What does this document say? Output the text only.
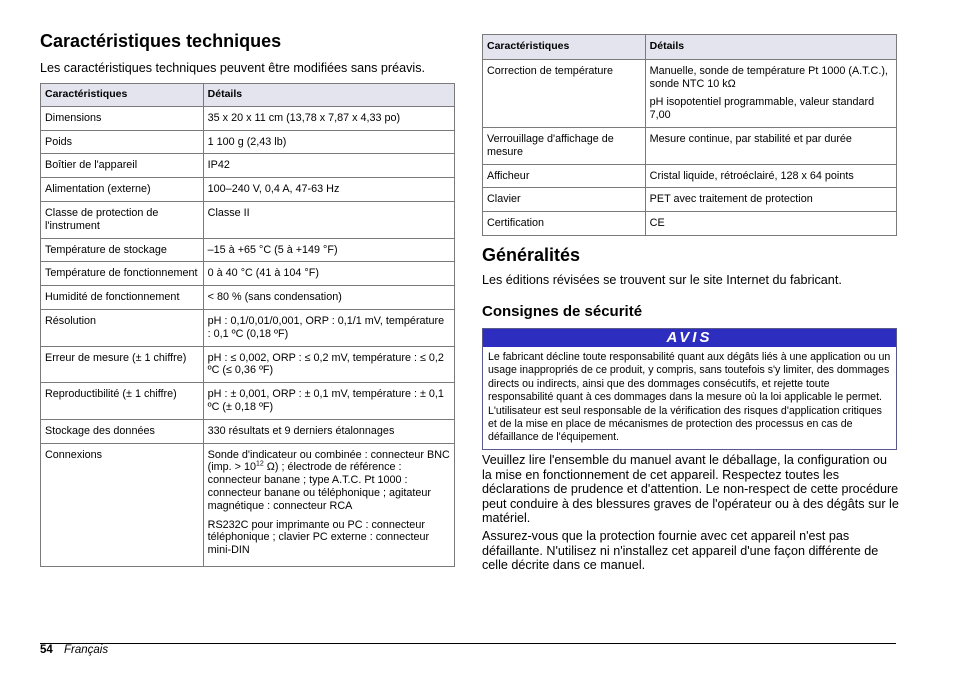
Caractéristiques techniques

Les caractéristiques techniques peuvent être modifiées sans préavis.

Caractéristiques	Détails
Dimensions	35 x 20 x 11 cm (13,78 x 7,87 x 4,33 po)
Poids	1 100 g (2,43 lb)
Boîtier de l'appareil	IP42
Alimentation (externe)	100–240 V, 0,4 A, 47-63 Hz
Classe de protection de l'instrument	Classe II
Température de stockage	–15 à +65 °C (5 à +149 °F)
Température de fonctionnement	0 à 40 °C (41 à 104 °F)
Humidité de fonctionnement	< 80 % (sans condensation)
Résolution	pH : 0,1/0,01/0,001, ORP : 0,1/1 mV, température : 0,1 ºC (0,18 ºF)
Erreur de mesure (± 1 chiffre)	pH : ≤ 0,002, ORP : ≤ 0,2 mV, température : ≤ 0,2 ºC (≤ 0,36 ºF)
Reproductibilité (± 1 chiffre)	pH : ± 0,001, ORP : ± 0,1 mV, température : ± 0,1 ºC (± 0,18 ºF)
Stockage des données	330 résultats et 9 derniers étalonnages
Connexions	Sonde d'indicateur ou combinée : connecteur BNC (imp. > $10^{12}$ Ω) ; électrode de référence : connecteur banane ; type A.T.C. Pt 1000 : connecteur banane ou téléphonique ; agitateur magnétique : connecteur RCA

RS232C pour imprimante ou PC : connecteur téléphonique ; clavier PC externe : connecteur mini-DIN

Caractéristiques	Détails
Correction de température	Manuelle, sonde de température Pt 1000 (A.T.C.), sonde NTC 10 kΩ

pH isopotentiel programmable, valeur standard 7,00

Verrouillage d'affichage de mesure	Mesure continue, par stabilité et par durée
Afficheur	Cristal liquide, rétroéclairé, 128 x 64 points
Clavier	PET avec traitement de protection
Certification	CE
Généralités

Les éditions révisées se trouvent sur le site Internet du fabricant.

Consignes de sécurité
AVIS
Le fabricant décline toute responsabilité quant aux dégâts liés à une application ou un usage inappropriés de ce produit, y compris, sans toutefois s'y limiter, des dommages directs ou indirects, ainsi que des dommages consécutifs, et rejette toute responsabilité quant à ces dommages dans la mesure où la loi applicable le permet. L'utilisateur est seul responsable de la vérification des risques d'application critiques et de la mise en place de mécanismes de protection des processus en cas de défaillance de l'équipement.

Veuillez lire l'ensemble du manuel avant le déballage, la configuration ou la mise en fonctionnement de cet appareil. Respectez toutes les déclarations de prudence et d'attention. Le non-respect de cette procédure peut conduire à des blessures graves de l'opérateur ou à des dégâts sur le matériel.

Assurez-vous que la protection fournie avec cet appareil n'est pas défaillante. N'utilisez ni n'installez cet appareil d'une façon différente de celle décrite dans ce manuel.

54 Français
